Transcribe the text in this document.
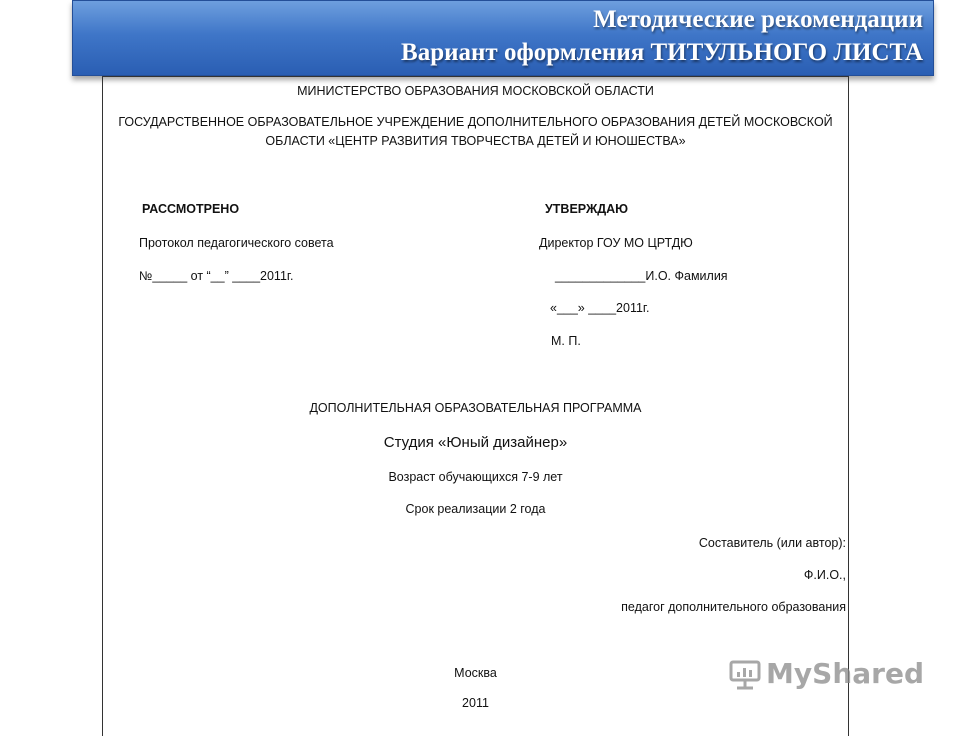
Методические рекомендации
Вариант оформления ТИТУЛЬНОГО ЛИСТА
МИНИСТЕРСТВО ОБРАЗОВАНИЯ МОСКОВСКОЙ ОБЛАСТИ
ГОСУДАРСТВЕННОЕ ОБРАЗОВАТЕЛЬНОЕ УЧРЕЖДЕНИЕ ДОПОЛНИТЕЛЬНОГО ОБРАЗОВАНИЯ ДЕТЕЙ МОСКОВСКОЙ
ОБЛАСТИ «ЦЕНТР РАЗВИТИЯ ТВОРЧЕСТВА ДЕТЕЙ И ЮНОШЕСТВА»
РАССМОТРЕНО
Протокол педагогического совета
№_____ от “__” ____2011г.
УТВЕРЖДАЮ
Директор ГОУ МО ЦРТДЮ
_____________И.О. Фамилия
«___» ____2011г.
М. П.
ДОПОЛНИТЕЛЬНАЯ ОБРАЗОВАТЕЛЬНАЯ ПРОГРАММА
Студия «Юный дизайнер»
Возраст обучающихся 7-9 лет
Срок реализации 2 года
Составитель (или автор):
Ф.И.О.,
педагог дополнительного образования
Москва
2011
MyShared
